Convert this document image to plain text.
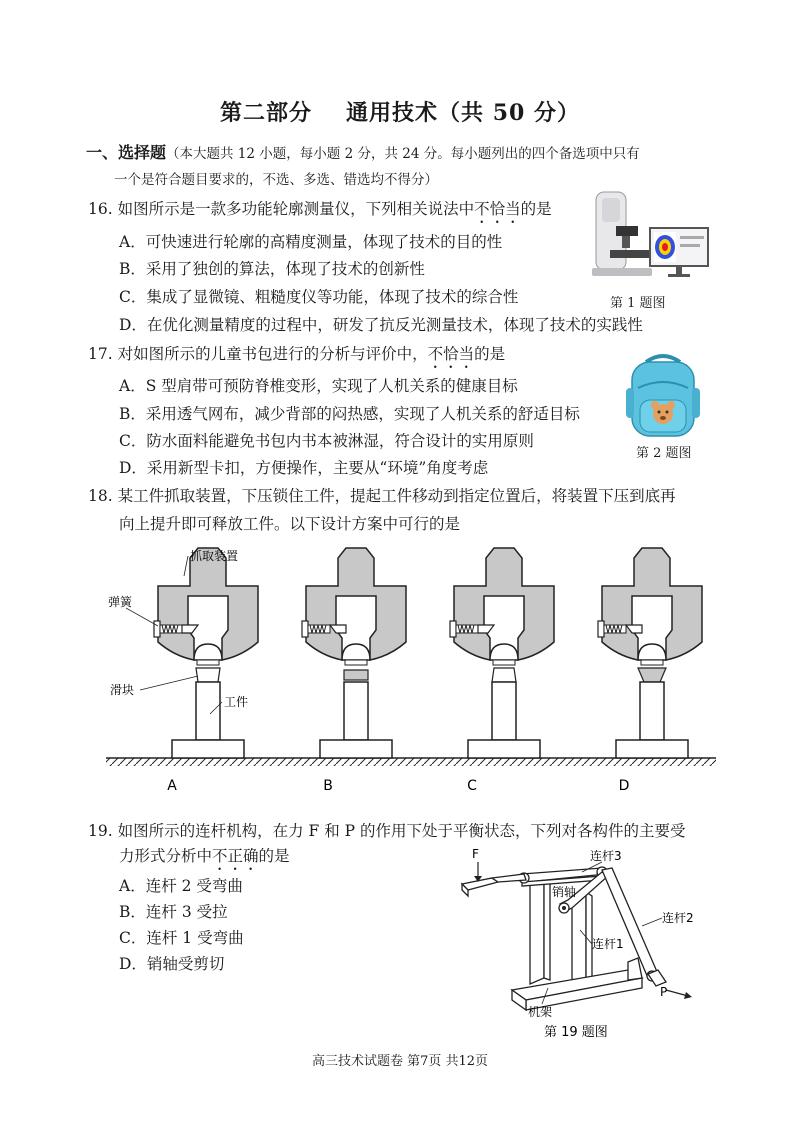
第二部分 通用技术（共 50 分）
一、选择题（本大题共 12 小题，每小题 2 分，共 24 分。每小题列出的四个备选项中只有
一个是符合题目要求的，不选、多选、错选均不得分）
16. 如图所示是一款多功能轮廓测量仪，下列相关说法中不恰当的是
A．可快速进行轮廓的高精度测量，体现了技术的目的性
B．采用了独创的算法，体现了技术的创新性
C．集成了显微镜、粗糙度仪等功能，体现了技术的综合性
D．在优化测量精度的过程中，研发了抗反光测量技术，体现了技术的实践性
第 1 题图
17. 对如图所示的儿童书包进行的分析与评价中，不恰当的是
A．S 型肩带可预防脊椎变形，实现了人机关系的健康目标
B．采用透气网布，减少背部的闷热感，实现了人机关系的舒适目标
C．防水面料能避免书包内书本被淋湿，符合设计的实用原则
D．采用新型卡扣，方便操作，主要从“环境”角度考虑
第 2 题图
18. 某工件抓取装置，下压锁住工件，提起工件移动到指定位置后，将装置下压到底再
向上提升即可释放工件。以下设计方案中可行的是
抓取装置
弹簧
滑块
工件
A	B	C	D
19. 如图所示的连杆机构，在力 F 和 P 的作用下处于平衡状态，下列对各构件的主要受
力形式分析中不正确的是
A．连杆 2 受弯曲
B．连杆 3 受拉
C．连杆 1 受弯曲
D．销轴受剪切
F
P
连杆3
销轴
连杆2
连杆1
机架
第 19 题图
高三技术试题卷 第7页 共12页
